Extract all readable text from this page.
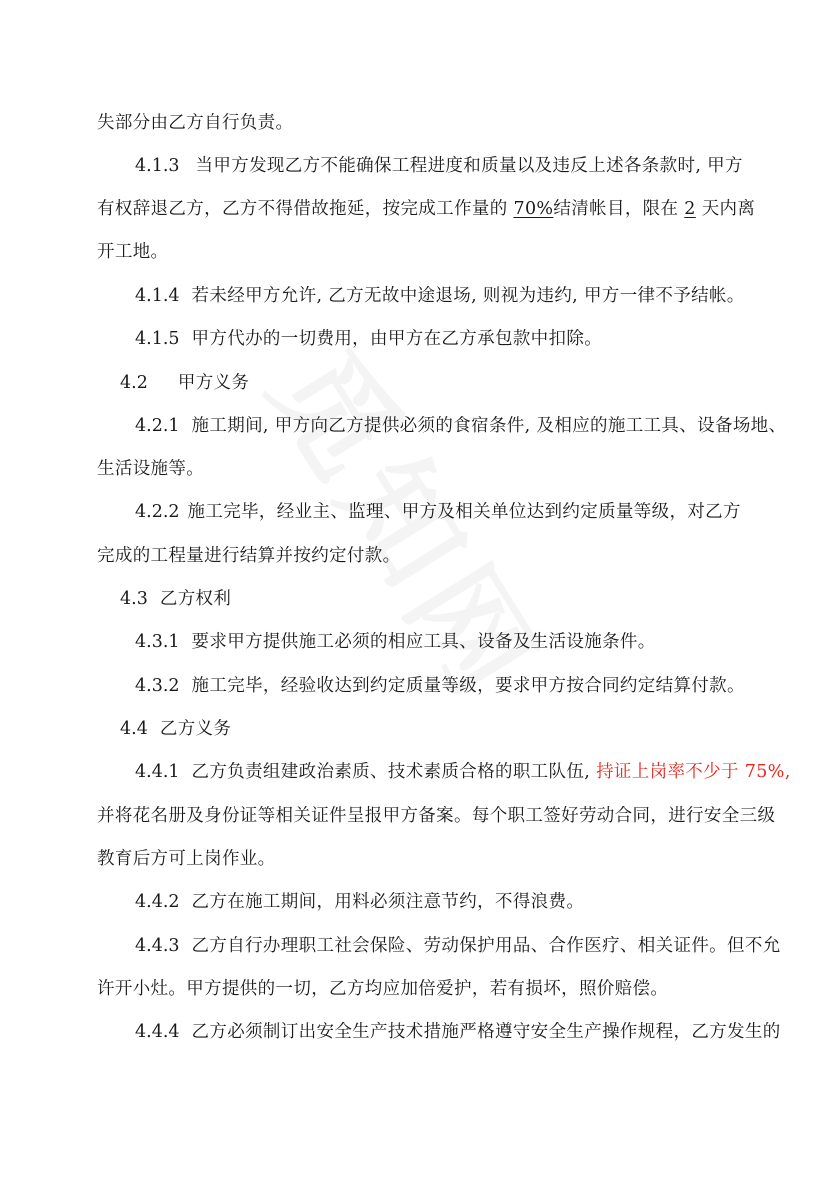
失部分由乙方自行负责。
4.1.3 当甲方发现乙方不能确保工程进度和质量以及违反上述各条款时, 甲方
有权辞退乙方，乙方不得借故拖延，按完成工作量的 70%结清帐目，限在 2 天内离
开工地。
4.1.4 若未经甲方允许, 乙方无故中途退场, 则视为违约, 甲方一律不予结帐。
4.1.5 甲方代办的一切费用，由甲方在乙方承包款中扣除。
4.2 甲方义务
4.2.1 施工期间, 甲方向乙方提供必须的食宿条件, 及相应的施工工具、设备场地、
生活设施等。
4.2.2 施工完毕，经业主、监理、甲方及相关单位达到约定质量等级，对乙方
完成的工程量进行结算并按约定付款。
4.3 乙方权利
4.3.1 要求甲方提供施工必须的相应工具、设备及生活设施条件。
4.3.2 施工完毕，经验收达到约定质量等级，要求甲方按合同约定结算付款。
4.4 乙方义务
4.4.1 乙方负责组建政治素质、技术素质合格的职工队伍, 持证上岗率不少于 75%,
并将花名册及身份证等相关证件呈报甲方备案。每个职工签好劳动合同，进行安全三级
教育后方可上岗作业。
4.4.2 乙方在施工期间，用料必须注意节约，不得浪费。
4.4.3 乙方自行办理职工社会保险、劳动保护用品、合作医疗、相关证件。但不允
许开小灶。甲方提供的一切，乙方均应加倍爱护，若有损坏，照价赔偿。
4.4.4 乙方必须制订出安全生产技术措施严格遵守安全生产操作规程，乙方发生的
